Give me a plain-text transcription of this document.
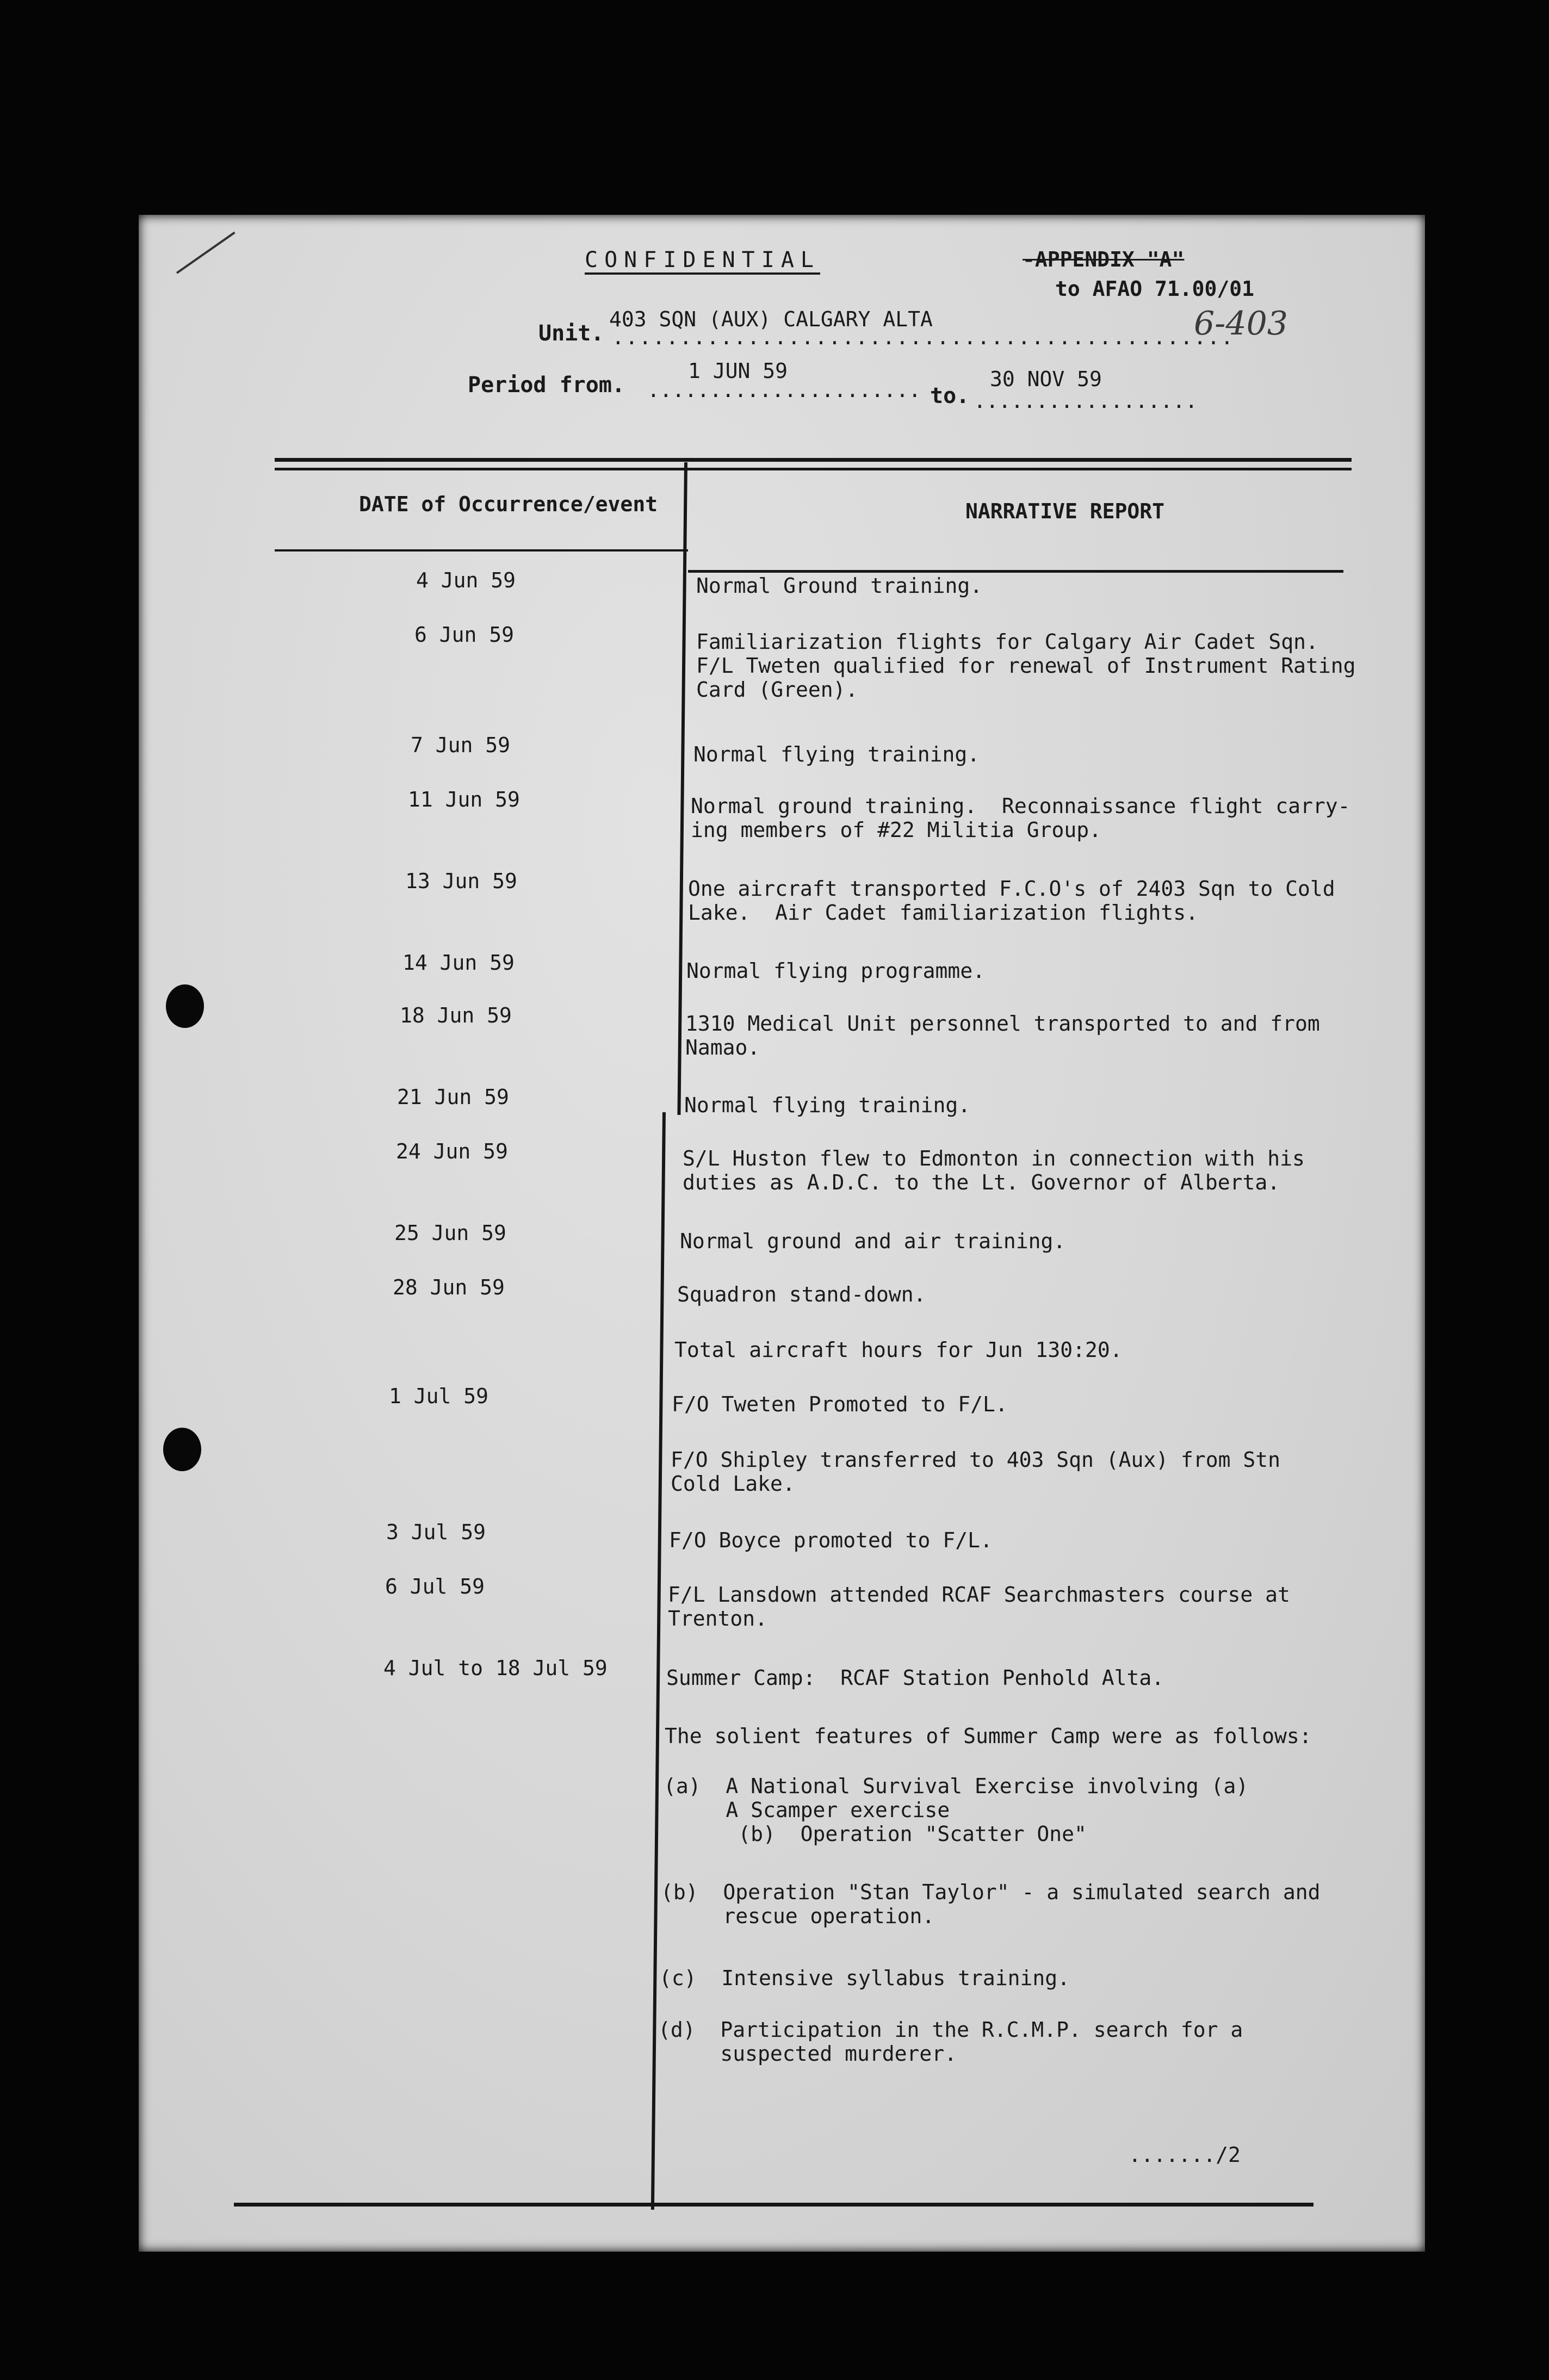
CONFIDENTIAL	-APPENDIX "A"
to AFAO 71.00/01
6-403
Unit.
403 SQN (AUX) CALGARY ALTA
..............................................
Period from.
1 JUN 59
...................... to.
30 NOV 59
..................
DATE of Occurrence/event	NARRATIVE REPORT
4 Jun 59	Normal Ground training.
6 Jun 59	Familiarization flights for Calgary Air Cadet Sqn.
F/L Tweten qualified for renewal of Instrument Rating
Card (Green).
7 Jun 59	Normal flying training.
11 Jun 59	Normal ground training.  Reconnaissance flight carry-
ing members of #22 Militia Group.
13 Jun 59	One aircraft transported F.C.O's of 2403 Sqn to Cold
Lake.  Air Cadet familiarization flights.
14 Jun 59	Normal flying programme.
18 Jun 59	1310 Medical Unit personnel transported to and from
Namao.
21 Jun 59	Normal flying training.
24 Jun 59	S/L Huston flew to Edmonton in connection with his
duties as A.D.C. to the Lt. Governor of Alberta.
25 Jun 59	Normal ground and air training.
28 Jun 59	Squadron stand-down.
Total aircraft hours for Jun 130:20.
1 Jul 59	F/O Tweten Promoted to F/L.
F/O Shipley transferred to 403 Sqn (Aux) from Stn
Cold Lake.
3 Jul 59	F/O Boyce promoted to F/L.
6 Jul 59	F/L Lansdown attended RCAF Searchmasters course at
Trenton.
4 Jul to 18 Jul 59	Summer Camp:  RCAF Station Penhold Alta.
The solient features of Summer Camp were as follows:
(a)  A National Survival Exercise involving (a)
A Scamper exercise
(b)  Operation "Scatter One"
(b)  Operation "Stan Taylor" - a simulated search and
rescue operation.
(c)  Intensive syllabus training.
(d)  Participation in the R.C.M.P. search for a
suspected murderer.
......./2
